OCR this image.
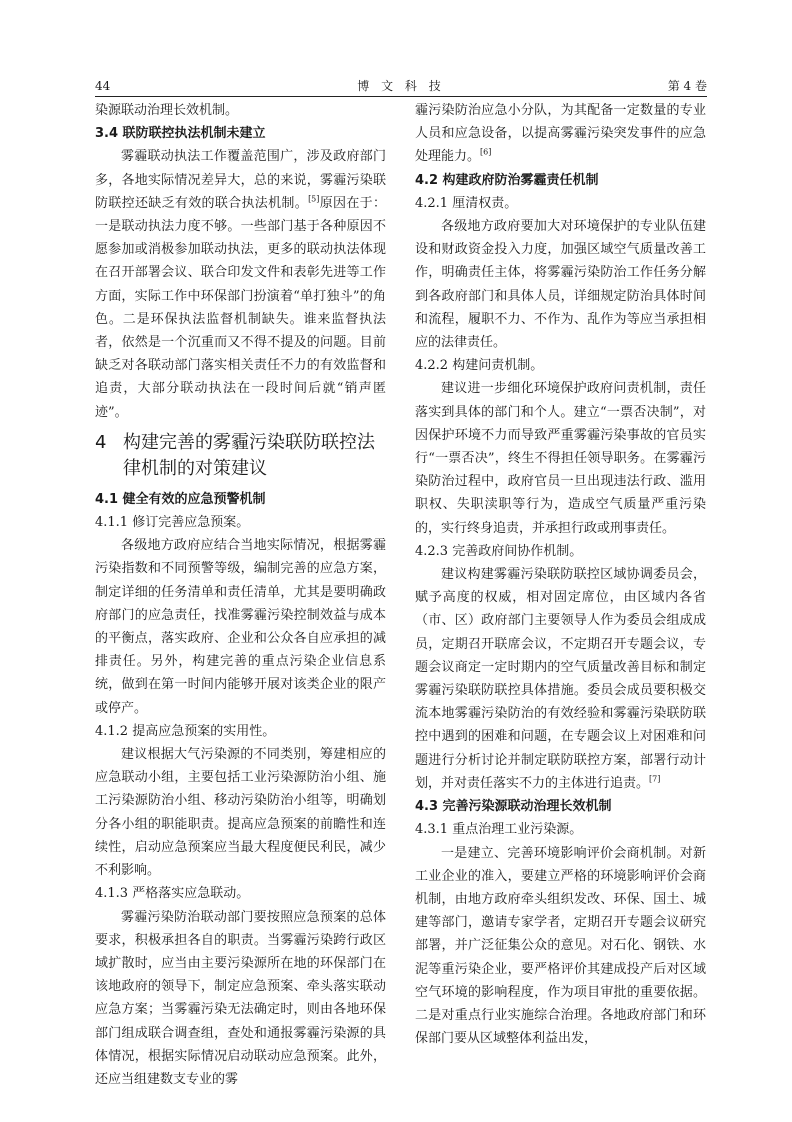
44	博 文 科 技	第 4 卷
染源联动治理长效机制。
3.4 联防联控执法机制未建立
雾霾联动执法工作覆盖范围广，涉及政府部门多，各地实际情况差异大，总的来说，雾霾污染联防联控还缺乏有效的联合执法机制。[5]原因在于：一是联动执法力度不够。一些部门基于各种原因不愿参加或消极参加联动执法，更多的联动执法体现在召开部署会议、联合印发文件和表彰先进等工作方面，实际工作中环保部门扮演着“单打独斗”的角色。二是环保执法监督机制缺失。谁来监督执法者，依然是一个沉重而又不得不提及的问题。目前缺乏对各联动部门落实相关责任不力的有效监督和追责，大部分联动执法在一段时间后就“销声匿迹”。
4 构建完善的雾霾污染联防联控法律机制的对策建议
4.1 健全有效的应急预警机制
4.1.1 修订完善应急预案。
各级地方政府应结合当地实际情况，根据雾霾污染指数和不同预警等级，编制完善的应急方案，制定详细的任务清单和责任清单，尤其是要明确政府部门的应急责任，找准雾霾污染控制效益与成本的平衡点，落实政府、企业和公众各自应承担的减排责任。另外，构建完善的重点污染企业信息系统，做到在第一时间内能够开展对该类企业的限产或停产。
4.1.2 提高应急预案的实用性。
建议根据大气污染源的不同类别，筹建相应的应急联动小组，主要包括工业污染源防治小组、施工污染源防治小组、移动污染防治小组等，明确划分各小组的职能职责。提高应急预案的前瞻性和连续性，启动应急预案应当最大程度便民利民，减少不利影响。
4.1.3 严格落实应急联动。
雾霾污染防治联动部门要按照应急预案的总体要求，积极承担各自的职责。当雾霾污染跨行政区域扩散时，应当由主要污染源所在地的环保部门在该地政府的领导下，制定应急预案、牵头落实联动应急方案；当雾霾污染无法确定时，则由各地环保部门组成联合调查组，查处和通报雾霾污染源的具体情况，根据实际情况启动联动应急预案。此外，还应当组建数支专业的雾
霾污染防治应急小分队，为其配备一定数量的专业人员和应急设备，以提高雾霾污染突发事件的应急处理能力。[6]
4.2 构建政府防治雾霾责任机制
4.2.1 厘清权责。
各级地方政府要加大对环境保护的专业队伍建设和财政资金投入力度，加强区域空气质量改善工作，明确责任主体，将雾霾污染防治工作任务分解到各政府部门和具体人员，详细规定防治具体时间和流程，履职不力、不作为、乱作为等应当承担相应的法律责任。
4.2.2 构建问责机制。
建议进一步细化环境保护政府问责机制，责任落实到具体的部门和个人。建立“一票否决制”，对因保护环境不力而导致严重雾霾污染事故的官员实行“一票否决”，终生不得担任领导职务。在雾霾污染防治过程中，政府官员一旦出现违法行政、滥用职权、失职渎职等行为，造成空气质量严重污染的，实行终身追责，并承担行政或刑事责任。
4.2.3 完善政府间协作机制。
建议构建雾霾污染联防联控区域协调委员会，赋予高度的权威，相对固定席位，由区域内各省（市、区）政府部门主要领导人作为委员会组成成员，定期召开联席会议，不定期召开专题会议，专题会议商定一定时期内的空气质量改善目标和制定雾霾污染联防联控具体措施。委员会成员要积极交流本地雾霾污染防治的有效经验和雾霾污染联防联控中遇到的困难和问题，在专题会议上对困难和问题进行分析讨论并制定联防联控方案，部署行动计划，并对责任落实不力的主体进行追责。[7]
4.3 完善污染源联动治理长效机制
4.3.1 重点治理工业污染源。
一是建立、完善环境影响评价会商机制。对新工业企业的准入，要建立严格的环境影响评价会商机制，由地方政府牵头组织发改、环保、国土、城建等部门，邀请专家学者，定期召开专题会议研究部署，并广泛征集公众的意见。对石化、钢铁、水泥等重污染企业，要严格评价其建成投产后对区域空气环境的影响程度，作为项目审批的重要依据。二是对重点行业实施综合治理。各地政府部门和环保部门要从区域整体利益出发，
